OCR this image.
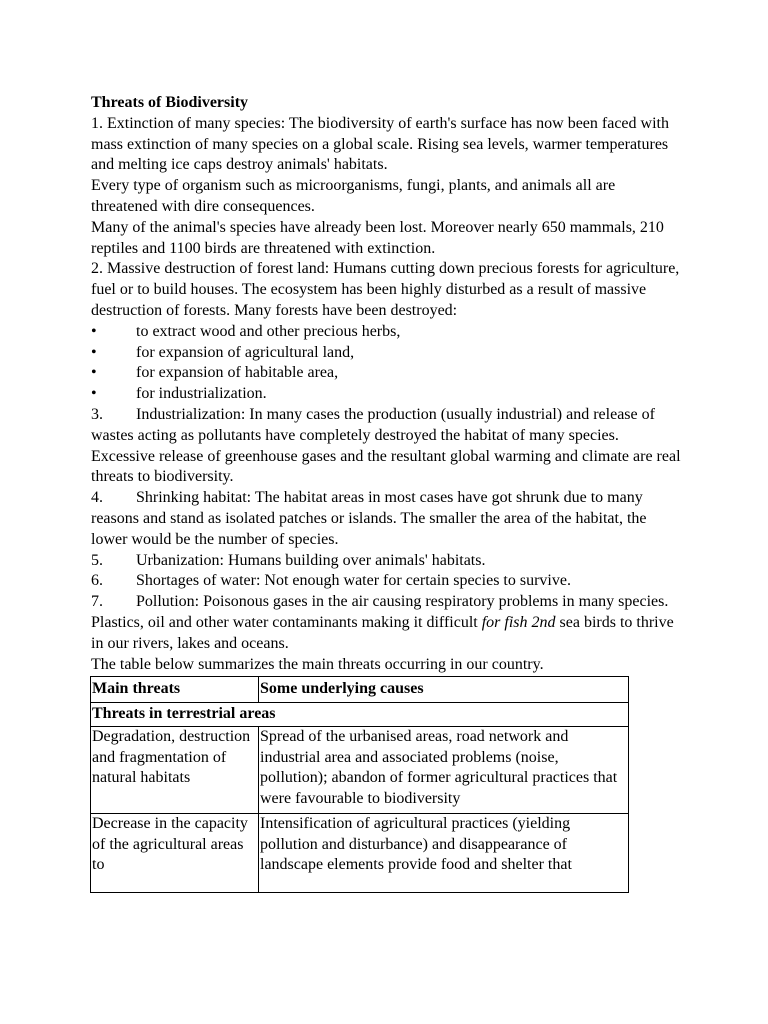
Threats of Biodiversity
1. Extinction of many species: The biodiversity of earth's surface has now been faced with mass extinction of many species on a global scale. Rising sea levels, warmer temperatures and melting ice caps destroy animals' habitats.
Every type of organism such as microorganisms, fungi, plants, and animals all are threatened with dire consequences.
Many of the animal's species have already been lost. Moreover nearly 650 mammals, 210 reptiles and 1100 birds are threatened with extinction.
2. Massive destruction of forest land: Humans cutting down precious forests for agriculture, fuel or to build houses. The ecosystem has been highly disturbed as a result of massive destruction of forests. Many forests have been destroyed:
• to extract wood and other precious herbs,
• for expansion of agricultural land,
• for expansion of habitable area,
• for industrialization.
3. Industrialization: In many cases the production (usually industrial) and release of wastes acting as pollutants have completely destroyed the habitat of many species. Excessive release of greenhouse gases and the resultant global warming and climate are real threats to biodiversity.
4. Shrinking habitat: The habitat areas in most cases have got shrunk due to many reasons and stand as isolated patches or islands. The smaller the area of the habitat, the lower would be the number of species.
5. Urbanization: Humans building over animals' habitats.
6. Shortages of water: Not enough water for certain species to survive.
7. Pollution: Poisonous gases in the air causing respiratory problems in many species. Plastics, oil and other water contaminants making it difficult for fish 2nd sea birds to thrive in our rivers, lakes and oceans.
The table below summarizes the main threats occurring in our country.
Main threats	Some underlying causes
Threats in terrestrial areas	
Degradation, destruction and fragmentation of natural habitats	Spread of the urbanised areas, road network and industrial area and associated problems (noise, pollution); abandon of former agricultural practices that were favourable to biodiversity
Decrease in the capacity of the agricultural areas to	Intensification of agricultural practices (yielding pollution and disturbance) and disappearance of landscape elements provide food and shelter that
